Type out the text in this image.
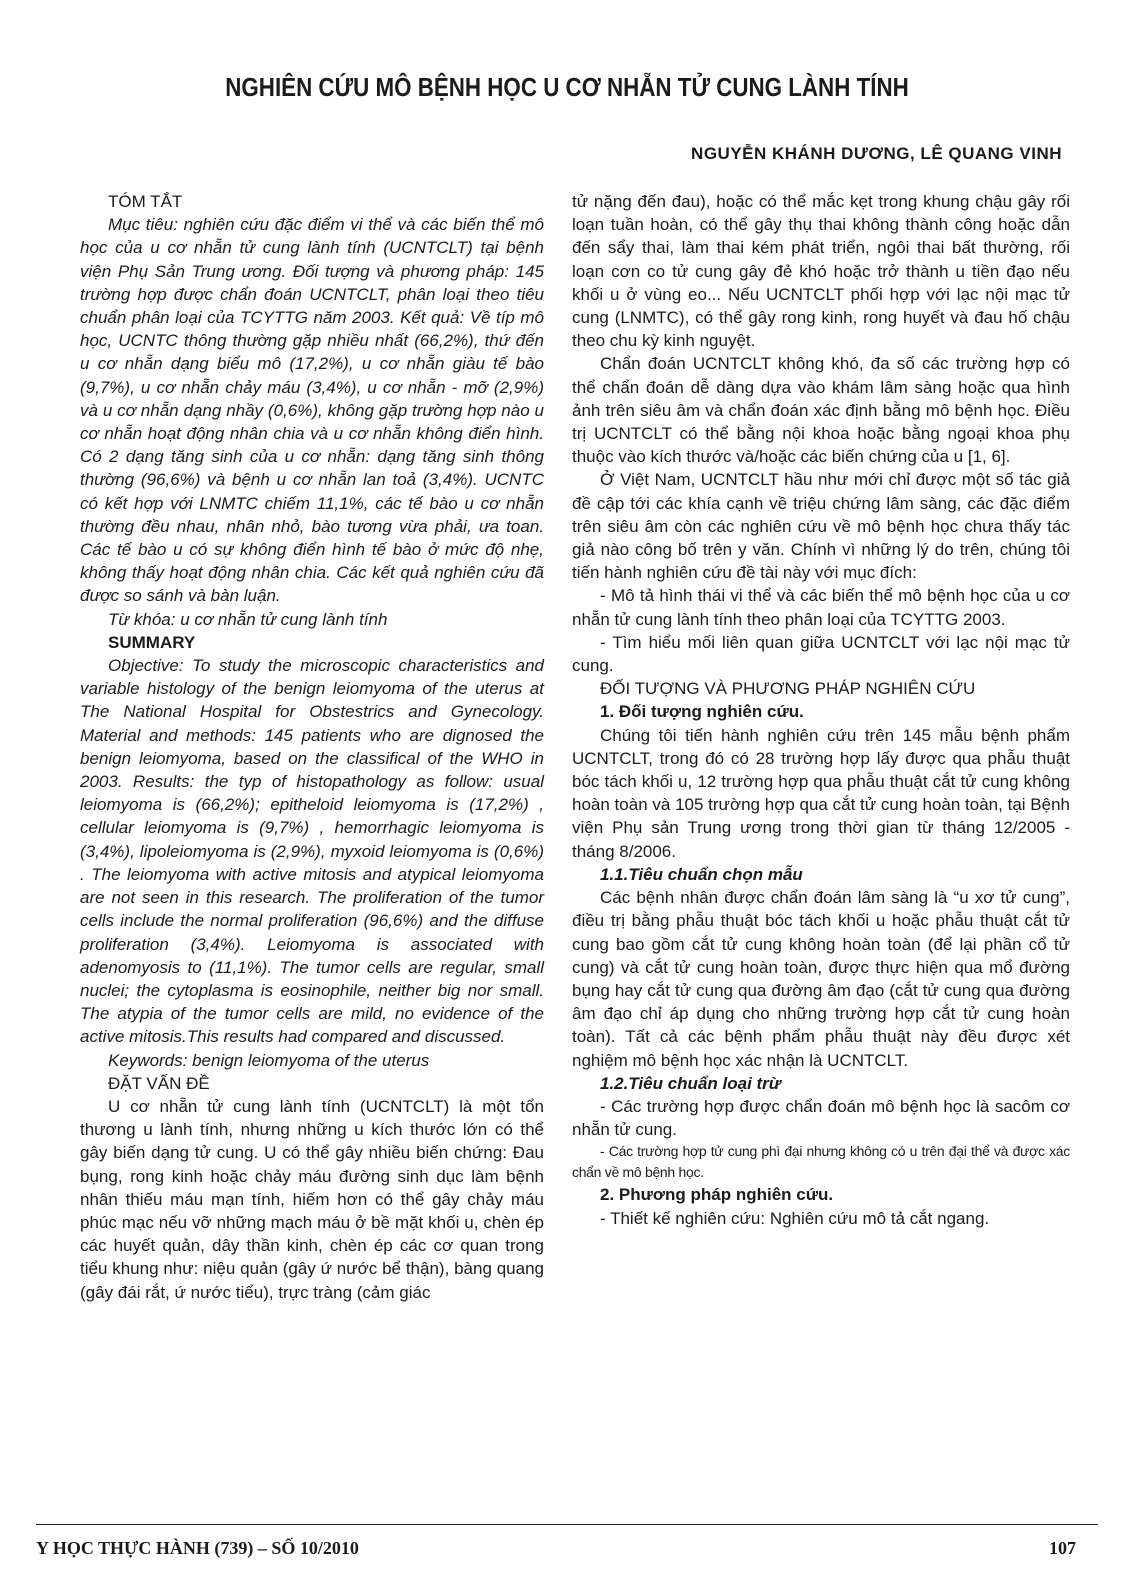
NGHIÊN CỨU MÔ BỆNH HỌC U CƠ NHẴN TỬ CUNG LÀNH TÍNH

NGUYỄN KHÁNH DƯƠNG, LÊ QUANG VINH

TÓM TẮT

Mục tiêu: nghiên cứu đặc điểm vi thể và các biến thể mô học của u cơ nhẵn tử cung lành tính (UCNTCLT) tại bệnh viện Phụ Sản Trung ương. Đối tượng và phương pháp: 145 trường hợp được chẩn đoán UCNTCLT, phân loại theo tiêu chuẩn phân loại của TCYTTG năm 2003. Kết quả: Về típ mô học, UCNTC thông thường gặp nhiều nhất (66,2%), thứ đến u cơ nhẵn dạng biểu mô (17,2%), u cơ nhẵn giàu tế bào (9,7%), u cơ nhẵn chảy máu (3,4%), u cơ nhẵn - mỡ (2,9%) và u cơ nhẵn dạng nhầy (0,6%), không gặp trường hợp nào u cơ nhẵn hoạt động nhân chia và u cơ nhẵn không điển hình. Có 2 dạng tăng sinh của u cơ nhẵn: dạng tăng sinh thông thường (96,6%) và bệnh u cơ nhẵn lan toả (3,4%). UCNTC có kết hợp với LNMTC chiếm 11,1%, các tế bào u cơ nhẵn thường đều nhau, nhân nhỏ, bào tương vừa phải, ưa toan. Các tế bào u có sự không điển hình tế bào ở mức độ nhẹ, không thấy hoạt động nhân chia. Các kết quả nghiên cứu đã được so sánh và bàn luận.

Từ khóa: u cơ nhẵn tử cung lành tính

SUMMARY

Objective: To study the microscopic characteristics and variable histology of the benign leiomyoma of the uterus at The National Hospital for Obstestrics and Gynecology. Material and methods: 145 patients who are dignosed the benign leiomyoma, based on the classifical of the WHO in 2003. Results: the typ of histopathology as follow: usual leiomyoma is (66,2%); epitheloid leiomyoma is (17,2%) , cellular leiomyoma is (9,7%) , hemorrhagic leiomyoma is (3,4%), lipoleiomyoma is (2,9%), myxoid leiomyoma is (0,6%) . The leiomyoma with active mitosis and atypical leiomyoma are not seen in this research. The proliferation of the tumor cells include the normal proliferation (96,6%) and the diffuse proliferation (3,4%). Leiomyoma is associated with adenomyosis to (11,1%). The tumor cells are regular, small nuclei; the cytoplasma is eosinophile, neither big nor small. The atypia of the tumor cells are mild, no evidence of the active mitosis.This results had compared and discussed.

Keywords: benign leiomyoma of the uterus

ĐẶT VẤN ĐỀ

U cơ nhẵn tử cung lành tính (UCNTCLT) là một tổn thương u lành tính, nhưng những u kích thước lớn có thể gây biến dạng tử cung. U có thể gây nhiều biến chứng: Đau bụng, rong kinh hoặc chảy máu đường sinh dục làm bệnh nhân thiếu máu mạn tính, hiếm hơn có thể gây chảy máu phúc mạc nếu vỡ những mạch máu ở bề mặt khối u, chèn ép các huyết quản, dây thần kinh, chèn ép các cơ quan trong tiểu khung như: niệu quản (gây ứ nước bể thận), bàng quang (gây đái rắt, ứ nước tiểu), trực tràng (cảm giác

tử nặng đến đau), hoặc có thể mắc kẹt trong khung chậu gây rối loạn tuần hoàn, có thể gây thụ thai không thành công hoặc dẫn đến sẩy thai, làm thai kém phát triển, ngôi thai bất thường, rối loạn cơn co tử cung gây đẻ khó hoặc trở thành u tiền đạo nếu khối u ở vùng eo... Nếu UCNTCLT phối hợp với lạc nội mạc tử cung (LNMTC), có thể gây rong kinh, rong huyết và đau hố chậu theo chu kỳ kinh nguyệt.

Chẩn đoán UCNTCLT không khó, đa số các trường hợp có thể chẩn đoán dễ dàng dựa vào khám lâm sàng hoặc qua hình ảnh trên siêu âm và chẩn đoán xác định bằng mô bệnh học. Điều trị UCNTCLT có thể bằng nội khoa hoặc bằng ngoại khoa phụ thuộc vào kích thước và/hoặc các biến chứng của u [1, 6].

Ở Việt Nam, UCNTCLT hầu như mới chỉ được một số tác giả đề cập tới các khía cạnh về triệu chứng lâm sàng, các đặc điểm trên siêu âm còn các nghiên cứu về mô bệnh học chưa thấy tác giả nào công bố trên y văn. Chính vì những lý do trên, chúng tôi tiến hành nghiên cứu đề tài này với mục đích:

- Mô tả hình thái vi thể và các biến thể mô bệnh học của u cơ nhẵn tử cung lành tính theo phân loại của TCYTTG 2003.

- Tìm hiểu mối liên quan giữa UCNTCLT với lạc nội mạc tử cung.

ĐỐI TƯỢNG VÀ PHƯƠNG PHÁP NGHIÊN CỨU

1. Đối tượng nghiên cứu.

Chúng tôi tiến hành nghiên cứu trên 145 mẫu bệnh phẩm UCNTCLT, trong đó có 28 trường hợp lấy được qua phẫu thuật bóc tách khối u, 12 trường hợp qua phẫu thuật cắt tử cung không hoàn toàn và 105 trường hợp qua cắt tử cung hoàn toàn, tại Bệnh viện Phụ sản Trung ương trong thời gian từ tháng 12/2005 - tháng 8/2006.

1.1.Tiêu chuẩn chọn mẫu

Các bệnh nhân được chẩn đoán lâm sàng là “u xơ tử cung”, điều trị bằng phẫu thuật bóc tách khối u hoặc phẫu thuật cắt tử cung bao gồm cắt tử cung không hoàn toàn (để lại phần cổ tử cung) và cắt tử cung hoàn toàn, được thực hiện qua mổ đường bụng hay cắt tử cung qua đường âm đạo (cắt tử cung qua đường âm đạo chỉ áp dụng cho những trường hợp cắt tử cung hoàn toàn). Tất cả các bệnh phẩm phẫu thuật này đều được xét nghiệm mô bệnh học xác nhận là UCNTCLT.

1.2.Tiêu chuẩn loại trừ

- Các trường hợp được chẩn đoán mô bệnh học là sacôm cơ nhẵn tử cung.

- Các trường hợp tử cung phì đại nhưng không có u trên đại thể và được xác chẩn về mô bệnh học.

2. Phương pháp nghiên cứu.

- Thiết kế nghiên cứu: Nghiên cứu mô tả cắt ngang.

Y HỌC THỰC HÀNH (739) – SỐ 10/2010	107
